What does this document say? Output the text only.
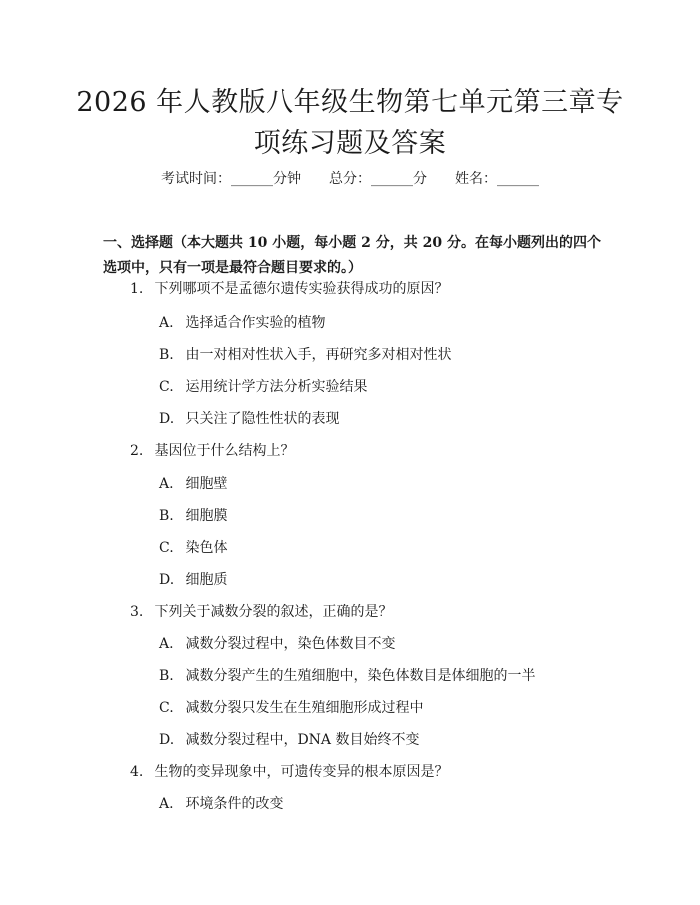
2026 年人教版八年级生物第七单元第三章专
项练习题及答案
考试时间：______分钟　　总分：______分　　姓名：______

一、选择题（本大题共 10 小题，每小题 2 分，共 20 分。在每小题列出的四个选项中，只有一项是最符合题目要求的。）

1. 下列哪项不是孟德尔遗传实验获得成功的原因？
A. 选择适合作实验的植物
B. 由一对相对性状入手，再研究多对相对性状
C. 运用统计学方法分析实验结果
D. 只关注了隐性性状的表现
2. 基因位于什么结构上？
A. 细胞壁
B. 细胞膜
C. 染色体
D. 细胞质
3. 下列关于减数分裂的叙述，正确的是？
A. 减数分裂过程中，染色体数目不变
B. 减数分裂产生的生殖细胞中，染色体数目是体细胞的一半
C. 减数分裂只发生在生殖细胞形成过程中
D. 减数分裂过程中，DNA 数目始终不变
4. 生物的变异现象中，可遗传变异的根本原因是？
A. 环境条件的改变
